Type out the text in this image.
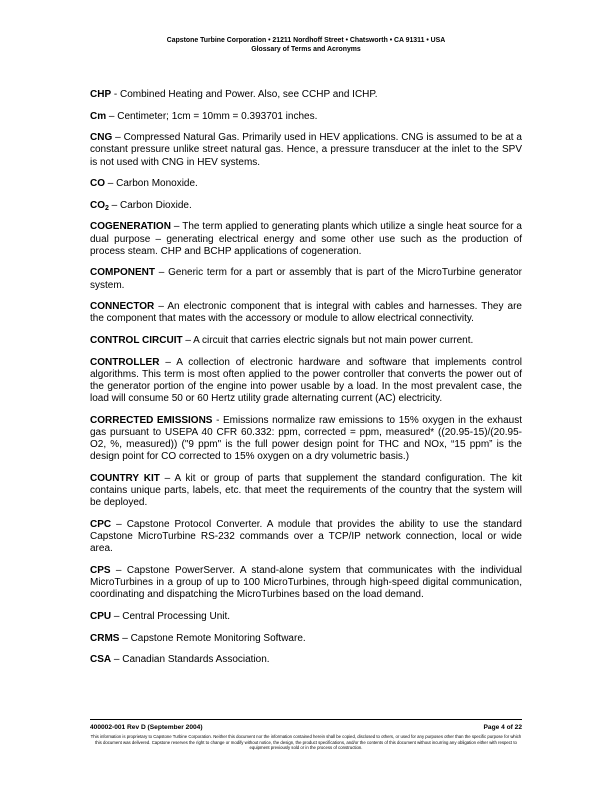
Capstone Turbine Corporation • 21211 Nordhoff Street • Chatsworth • CA 91311 • USA
Glossary of Terms and Acronyms

CHP - Combined Heating and Power. Also, see CCHP and ICHP.

Cm – Centimeter; 1cm = 10mm = 0.393701 inches.

CNG – Compressed Natural Gas. Primarily used in HEV applications. CNG is assumed to be at a constant pressure unlike street natural gas. Hence, a pressure transducer at the inlet to the SPV is not used with CNG in HEV systems.

CO – Carbon Monoxide.

$CO_2$ – Carbon Dioxide.

COGENERATION – The term applied to generating plants which utilize a single heat source for a dual purpose – generating electrical energy and some other use such as the production of process steam. CHP and BCHP applications of cogeneration.

COMPONENT – Generic term for a part or assembly that is part of the MicroTurbine generator system.

CONNECTOR – An electronic component that is integral with cables and harnesses. They are the component that mates with the accessory or module to allow electrical connectivity.

CONTROL CIRCUIT – A circuit that carries electric signals but not main power current.

CONTROLLER – A collection of electronic hardware and software that implements control algorithms. This term is most often applied to the power controller that converts the power out of the generator portion of the engine into power usable by a load. In the most prevalent case, the load will consume 50 or 60 Hertz utility grade alternating current (AC) electricity.

CORRECTED EMISSIONS - Emissions normalize raw emissions to 15% oxygen in the exhaust gas pursuant to USEPA 40 CFR 60.332: ppm, corrected = ppm, measured* ((20.95-15)/(20.95-O2, %, measured)) ("9 ppm" is the full power design point for THC and NOx, “15 ppm” is the design point for CO corrected to 15% oxygen on a dry volumetric basis.)

COUNTRY KIT – A kit or group of parts that supplement the standard configuration. The kit contains unique parts, labels, etc. that meet the requirements of the country that the system will be deployed.

CPC – Capstone Protocol Converter. A module that provides the ability to use the standard Capstone MicroTurbine RS-232 commands over a TCP/IP network connection, local or wide area.

CPS – Capstone PowerServer. A stand-alone system that communicates with the individual MicroTurbines in a group of up to 100 MicroTurbines, through high-speed digital communication, coordinating and dispatching the MicroTurbines based on the load demand.

CPU – Central Processing Unit.

CRMS – Capstone Remote Monitoring Software.

CSA – Canadian Standards Association.

400002-001 Rev D (September 2004)	Page 4 of 22
This information is proprietary to Capstone Turbine Corporation. Neither this document nor the information contained herein shall be copied, disclosed to others, or used for any purposes other than the specific purpose for which this document was delivered. Capstone reserves the right to change or modify without notice, the design, the product specifications, and/or the contents of this document without incurring any obligation either with respect to equipment previously sold or in the process of construction.
